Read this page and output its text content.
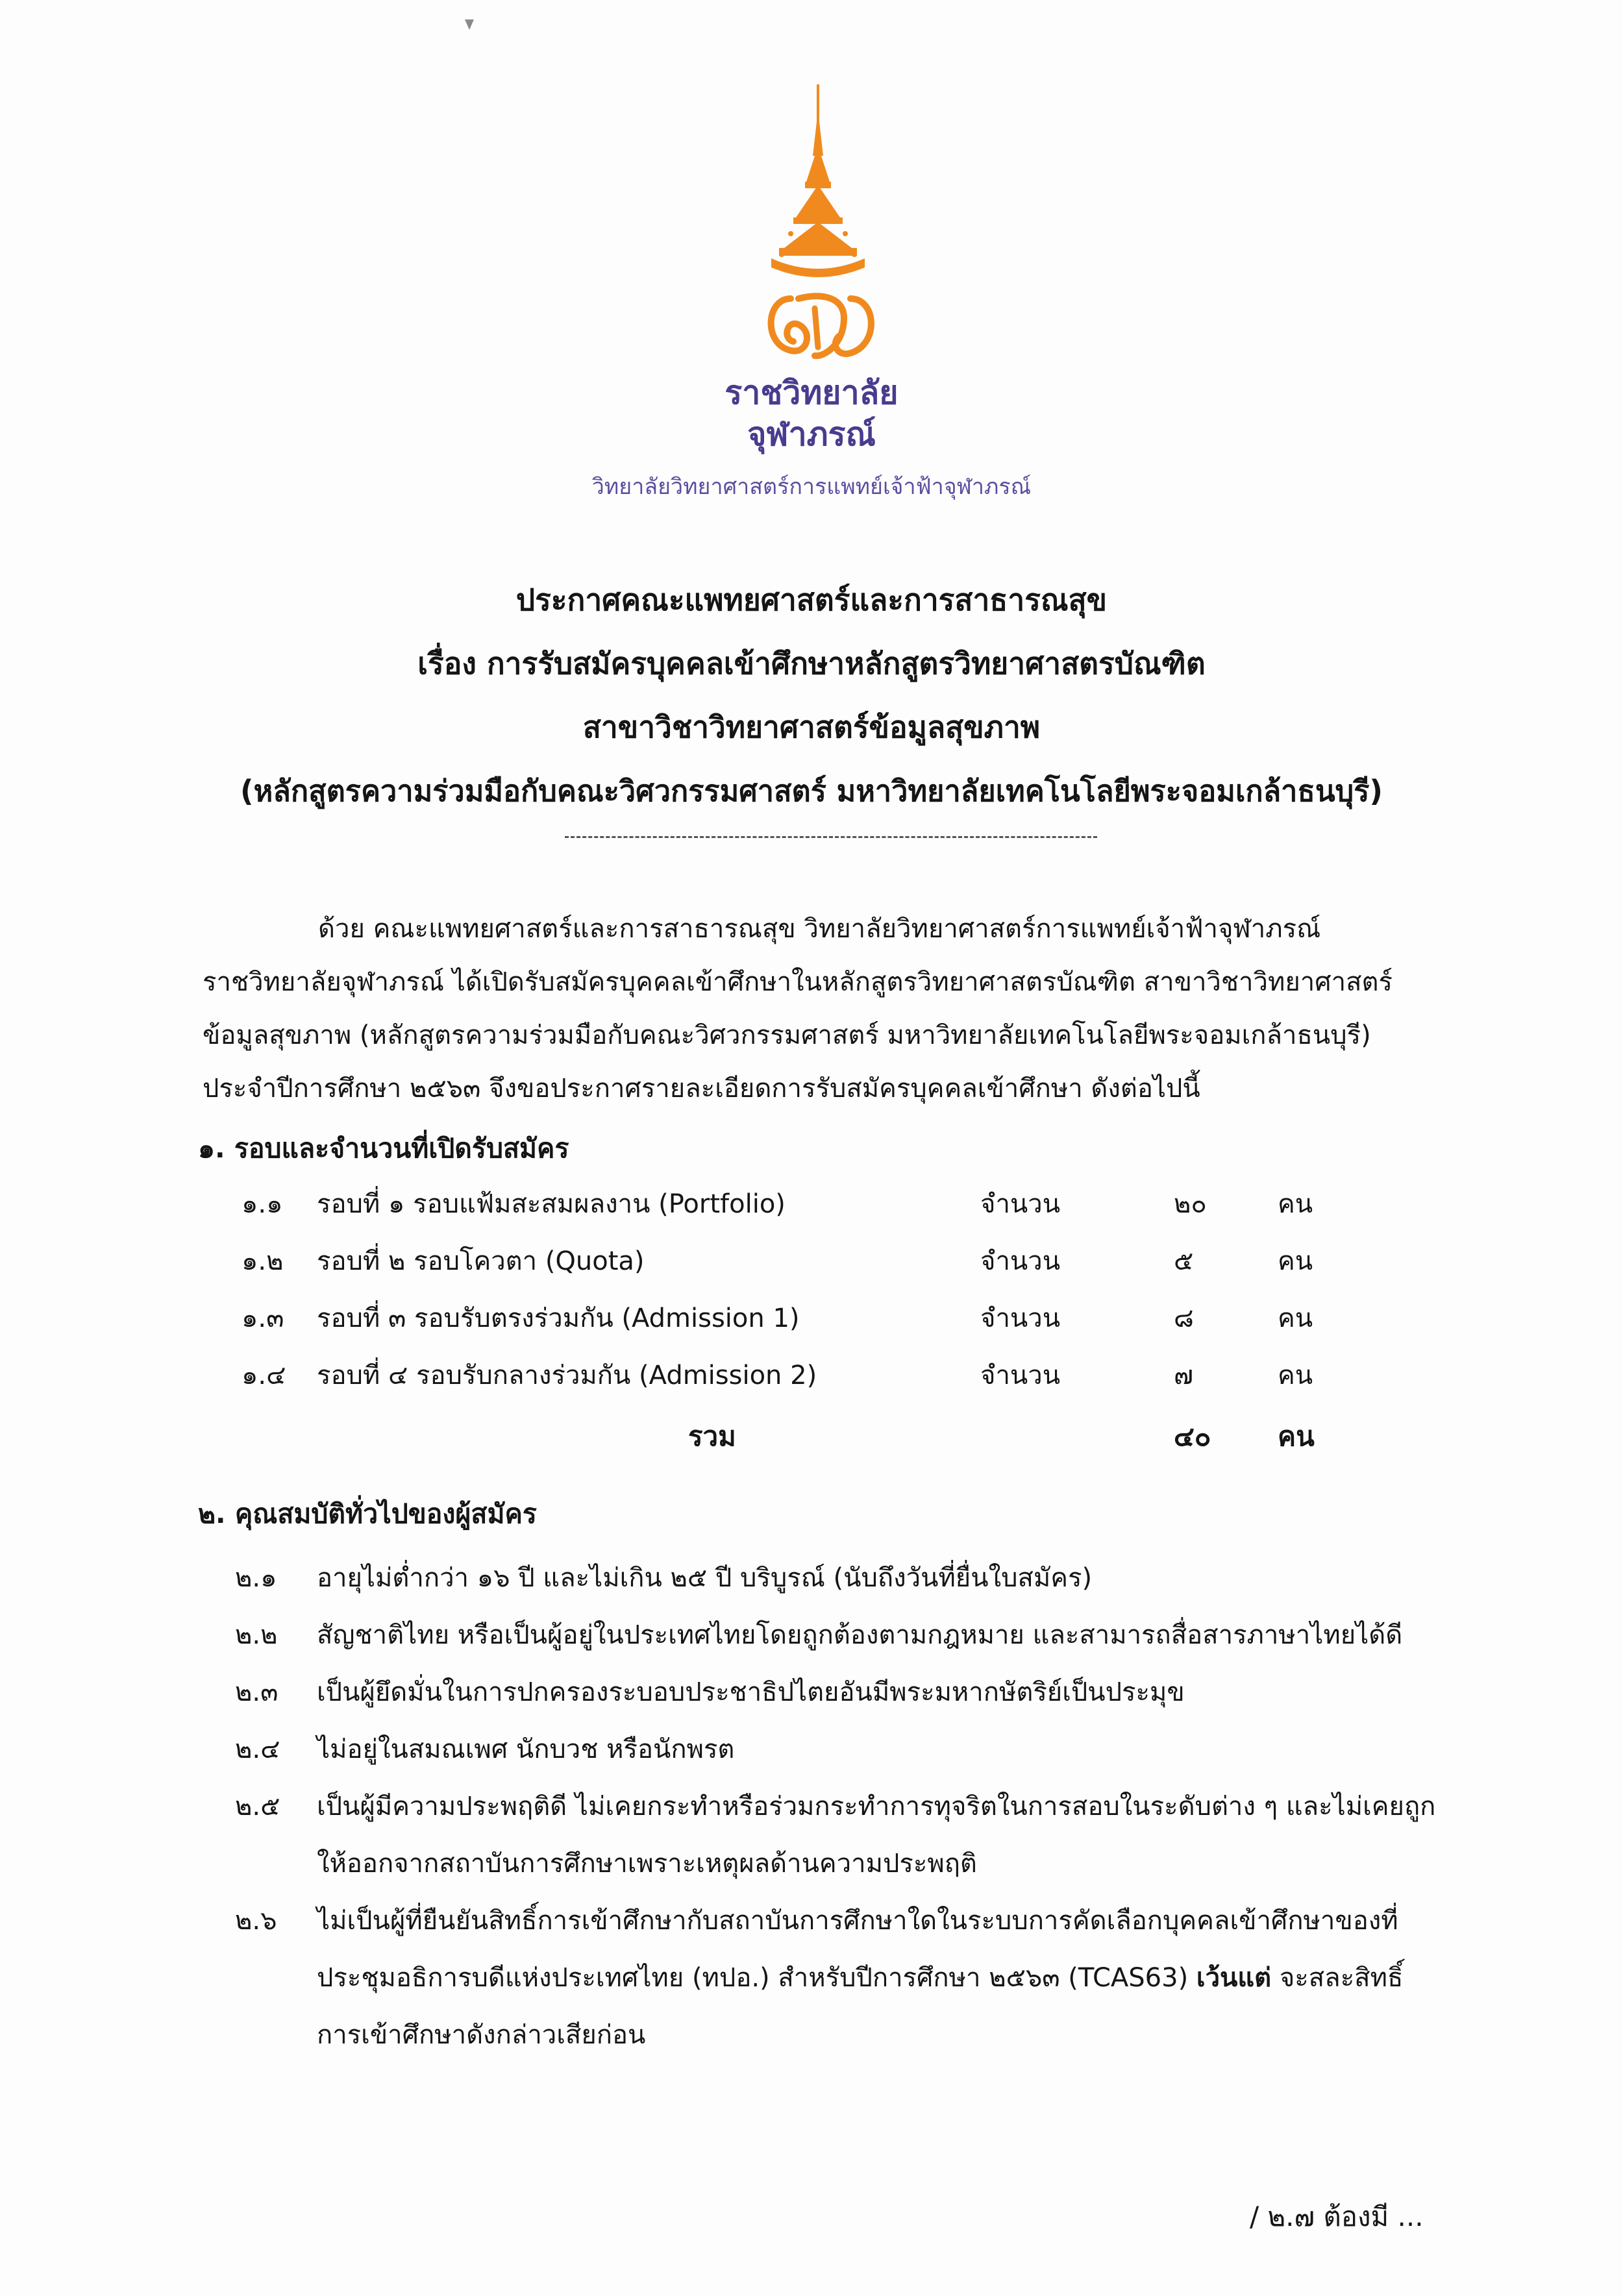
ราชวิทยาลัย
จุฬาภรณ์
วิทยาลัยวิทยาศาสตร์การแพทย์เจ้าฟ้าจุฬาภรณ์
ประกาศคณะแพทยศาสตร์และการสาธารณสุข
เรื่อง การรับสมัครบุคคลเข้าศึกษาหลักสูตรวิทยาศาสตรบัณฑิต
สาขาวิชาวิทยาศาสตร์ข้อมูลสุขภาพ
(หลักสูตรความร่วมมือกับคณะวิศวกรรมศาสตร์ มหาวิทยาลัยเทคโนโลยีพระจอมเกล้าธนบุรี)
ด้วย คณะแพทยศาสตร์และการสาธารณสุข วิทยาลัยวิทยาศาสตร์การแพทย์เจ้าฟ้าจุฬาภรณ์
ราชวิทยาลัยจุฬาภรณ์ ได้เปิดรับสมัครบุคคลเข้าศึกษาในหลักสูตรวิทยาศาสตรบัณฑิต สาขาวิชาวิทยาศาสตร์
ข้อมูลสุขภาพ (หลักสูตรความร่วมมือกับคณะวิศวกรรมศาสตร์ มหาวิทยาลัยเทคโนโลยีพระจอมเกล้าธนบุรี)
ประจำปีการศึกษา ๒๕๖๓ จึงขอประกาศรายละเอียดการรับสมัครบุคคลเข้าศึกษา ดังต่อไปนี้
๑. รอบและจำนวนที่เปิดรับสมัคร
๑.๑ รอบที่ ๑ รอบแฟ้มสะสมผลงาน (Portfolio)	จำนวน	๒๐	คน
๑.๒ รอบที่ ๒ รอบโควตา (Quota)	จำนวน	๕	คน
๑.๓ รอบที่ ๓ รอบรับตรงร่วมกัน (Admission 1)	จำนวน	๘	คน
๑.๔ รอบที่ ๔ รอบรับกลางร่วมกัน (Admission 2)	จำนวน	๗	คน
รวม	๔๐ คน
๒. คุณสมบัติทั่วไปของผู้สมัคร
๒.๑ อายุไม่ต่ำกว่า ๑๖ ปี และไม่เกิน ๒๕ ปี บริบูรณ์ (นับถึงวันที่ยื่นใบสมัคร)
๒.๒ สัญชาติไทย หรือเป็นผู้อยู่ในประเทศไทยโดยถูกต้องตามกฎหมาย และสามารถสื่อสารภาษาไทยได้ดี
๒.๓ เป็นผู้ยึดมั่นในการปกครองระบอบประชาธิปไตยอันมีพระมหากษัตริย์เป็นประมุข
๒.๔ ไม่อยู่ในสมณเพศ นักบวช หรือนักพรต
๒.๕ เป็นผู้มีความประพฤติดี ไม่เคยกระทำหรือร่วมกระทำการทุจริตในการสอบในระดับต่าง ๆ และไม่เคยถูก
ให้ออกจากสถาบันการศึกษาเพราะเหตุผลด้านความประพฤติ
๒.๖ ไม่เป็นผู้ที่ยืนยันสิทธิ์การเข้าศึกษากับสถาบันการศึกษาใดในระบบการคัดเลือกบุคคลเข้าศึกษาของที่
ประชุมอธิการบดีแห่งประเทศไทย (ทปอ.) สำหรับปีการศึกษา ๒๕๖๓ (TCAS63) เว้นแต่ จะสละสิทธิ์
การเข้าศึกษาดังกล่าวเสียก่อน
/ ๒.๗ ต้องมี ...
